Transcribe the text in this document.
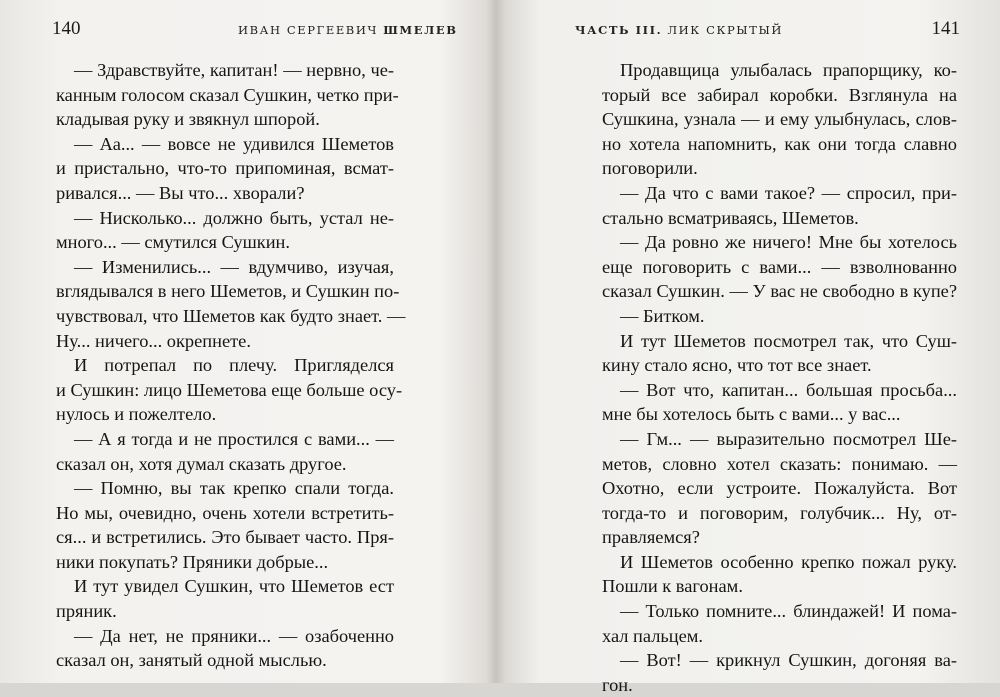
140	ИВАН СЕРГЕЕВИЧ ШМЕЛЕВ
— Здравствуйте, капитан! — нервно, че-
канным голосом сказал Сушкин, четко при-
кладывая руку и звякнул шпорой.
— Аа... — вовсе не удивился Шеметов
и пристально, что-то припоминая, всмат-
ривался... — Вы что... хворали?
— Нисколько... должно быть, устал не-
много... — смутился Сушкин.
— Изменились... — вдумчиво, изучая,
вглядывался в него Шеметов, и Сушкин по-
чувствовал, что Шеметов как будто знает. —
Ну... ничего... окрепнете.
И потрепал по плечу. Пригляделся
и Сушкин: лицо Шеметова еще больше осу-
нулось и пожелтело.
— А я тогда и не простился с вами... —
сказал он, хотя думал сказать другое.
— Помню, вы так крепко спали тогда.
Но мы, очевидно, очень хотели встретить-
ся... и встретились. Это бывает часто. Пря-
ники покупать? Пряники добрые...
И тут увидел Сушкин, что Шеметов ест
пряник.
— Да нет, не пряники... — озабоченно
сказал он, занятый одной мыслью.
ЧАСТЬ III. ЛИК СКРЫТЫЙ	141
Продавщица улыбалась прапорщику, ко-
торый все забирал коробки. Взглянула на
Сушкина, узнала — и ему улыбнулась, слов-
но хотела напомнить, как они тогда славно
поговорили.
— Да что с вами такое? — спросил, при-
стально всматриваясь, Шеметов.
— Да ровно же ничего! Мне бы хотелось
еще поговорить с вами... — взволнованно
сказал Сушкин. — У вас не свободно в купе?
— Битком.
И тут Шеметов посмотрел так, что Суш-
кину стало ясно, что тот все знает.
— Вот что, капитан... большая просьба...
мне бы хотелось быть с вами... у вас...
— Гм... — выразительно посмотрел Ше-
метов, словно хотел сказать: понимаю. —
Охотно, если устроите. Пожалуйста. Вот
тогда-то и поговорим, голубчик... Ну, от-
правляемся?
И Шеметов особенно крепко пожал руку.
Пошли к вагонам.
— Только помните... блиндажей! И пома-
хал пальцем.
— Вот! — крикнул Сушкин, догоняя ва-
гон.
